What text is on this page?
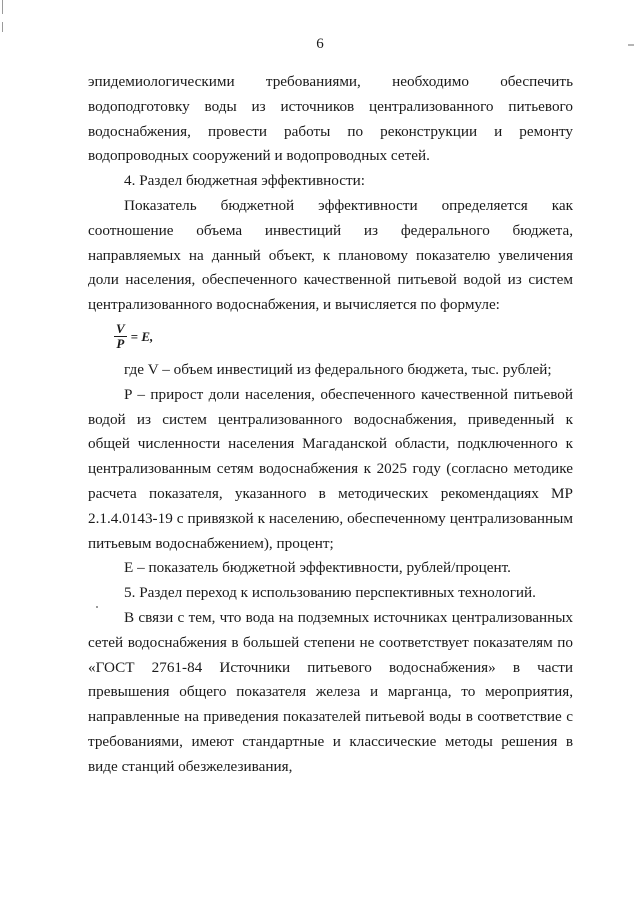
6

эпидемиологическими требованиями, необходимо обеспечить водоподготовку воды из источников централизованного питьевого водоснабжения, провести работы по реконструкции и ремонту водопроводных сооружений и водопроводных сетей.

4. Раздел бюджетная эффективности:

Показатель бюджетной эффективности определяется как соотношение объема инвестиций из федерального бюджета, направляемых на данный объект, к плановому показателю увеличения доли населения, обеспеченного качественной питьевой водой из систем централизованного водоснабжения, и вычисляется по формуле:

$\frac{V}{P} = E$,

где V – объем инвестиций из федерального бюджета, тыс. рублей;

P – прирост доли населения, обеспеченного качественной питьевой водой из систем централизованного водоснабжения, приведенный к общей численности населения Магаданской области, подключенного к централизованным сетям водоснабжения к 2025 году (согласно методике расчета показателя, указанного в методических рекомендациях МР 2.1.4.0143-19 с привязкой к населению, обеспеченному централизованным питьевым водоснабжением), процент;

E – показатель бюджетной эффективности, рублей/процент.

5. Раздел переход к использованию перспективных технологий.

В связи с тем, что вода на подземных источниках централизованных сетей водоснабжения в большей степени не соответствует показателям по «ГОСТ 2761-84 Источники питьевого водоснабжения» в части превышения общего показателя железа и марганца, то мероприятия, направленные на приведения показателей питьевой воды в соответствие с требованиями, имеют стандартные и классические методы решения в виде станций обезжелезивания,
